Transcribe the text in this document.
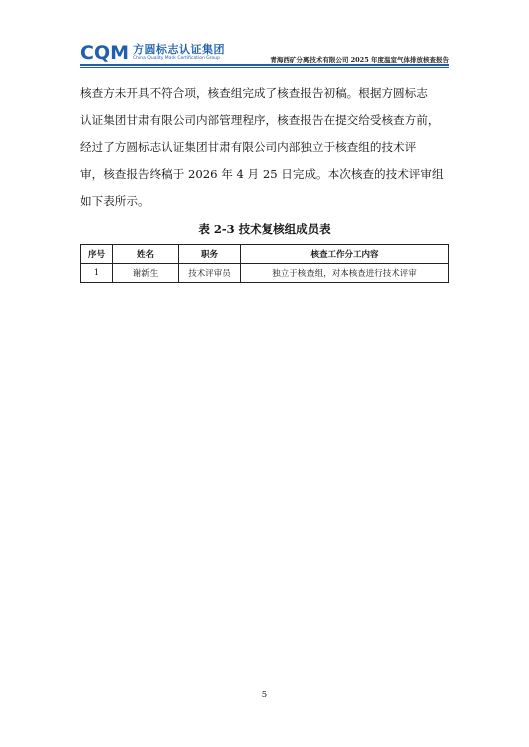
CQM 方圆标志认证集团
China Quality Mark Certification Group	青海西矿分离技术有限公司 2025 年度温室气体排放核查报告

核查方未开具不符合项，核查组完成了核查报告初稿。根据方圆标志
认证集团甘肃有限公司内部管理程序，核查报告在提交给受核查方前，
经过了方圆标志认证集团甘肃有限公司内部独立于核查组的技术评
审，核查报告终稿于 2026 年 4 月 25 日完成。本次核查的技术评审组
如下表所示。

表 2-3 技术复核组成员表
序号	姓名	职务	核查工作分工内容
1	谢新生	技术评审员	独立于核查组，对本核查进行技术评审
5
